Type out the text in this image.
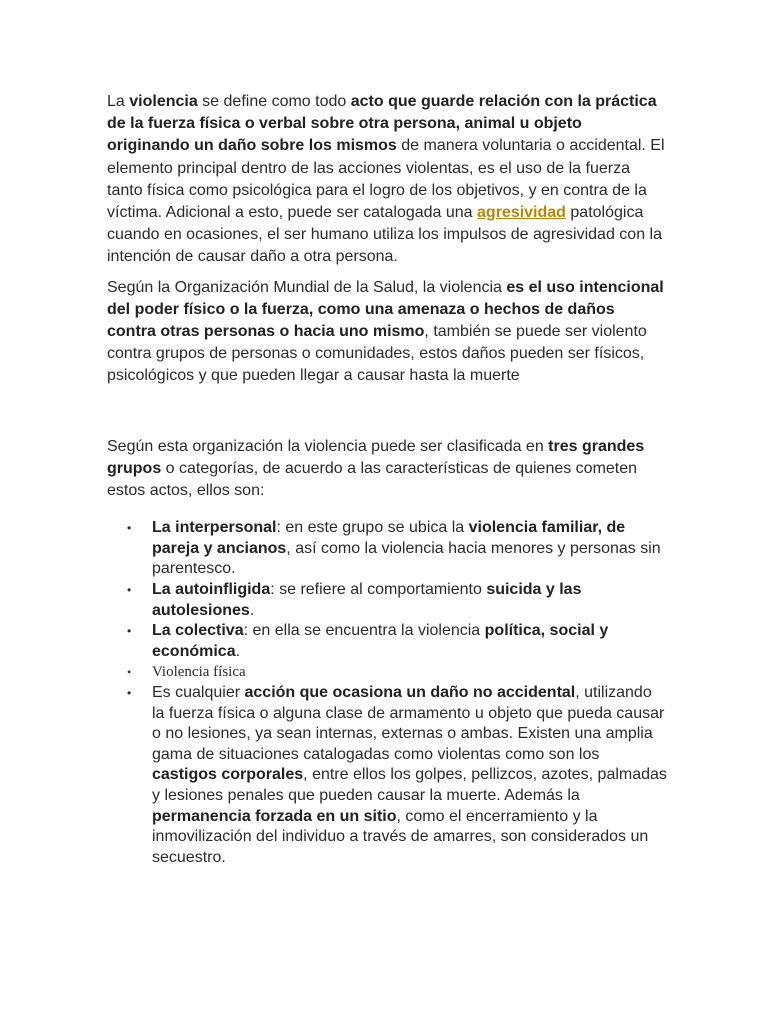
La violencia se define como todo acto que guarde relación con la práctica de la fuerza física o verbal sobre otra persona, animal u objeto originando un daño sobre los mismos de manera voluntaria o accidental. El elemento principal dentro de las acciones violentas, es el uso de la fuerza tanto física como psicológica para el logro de los objetivos, y en contra de la víctima. Adicional a esto, puede ser catalogada una agresividad patológica cuando en ocasiones, el ser humano utiliza los impulsos de agresividad con la intención de causar daño a otra persona.

Según la Organización Mundial de la Salud, la violencia es el uso intencional del poder físico o la fuerza, como una amenaza o hechos de daños contra otras personas o hacia uno mismo, también se puede ser violento contra grupos de personas o comunidades, estos daños pueden ser físicos, psicológicos y que pueden llegar a causar hasta la muerte

Según esta organización la violencia puede ser clasificada en tres grandes grupos o categorías, de acuerdo a las características de quienes cometen estos actos, ellos son:

• La interpersonal: en este grupo se ubica la violencia familiar, de pareja y ancianos, así como la violencia hacia menores y personas sin parentesco.
• La autoinfligida: se refiere al comportamiento suicida y las autolesiones.
• La colectiva: en ella se encuentra la violencia política, social y económica.
• Violencia física
• Es cualquier acción que ocasiona un daño no accidental, utilizando la fuerza física o alguna clase de armamento u objeto que pueda causar o no lesiones, ya sean internas, externas o ambas. Existen una amplia gama de situaciones catalogadas como violentas como son los castigos corporales, entre ellos los golpes, pellizcos, azotes, palmadas y lesiones penales que pueden causar la muerte. Además la permanencia forzada en un sitio, como el encerramiento y la inmovilización del individuo a través de amarres, son considerados un secuestro.
